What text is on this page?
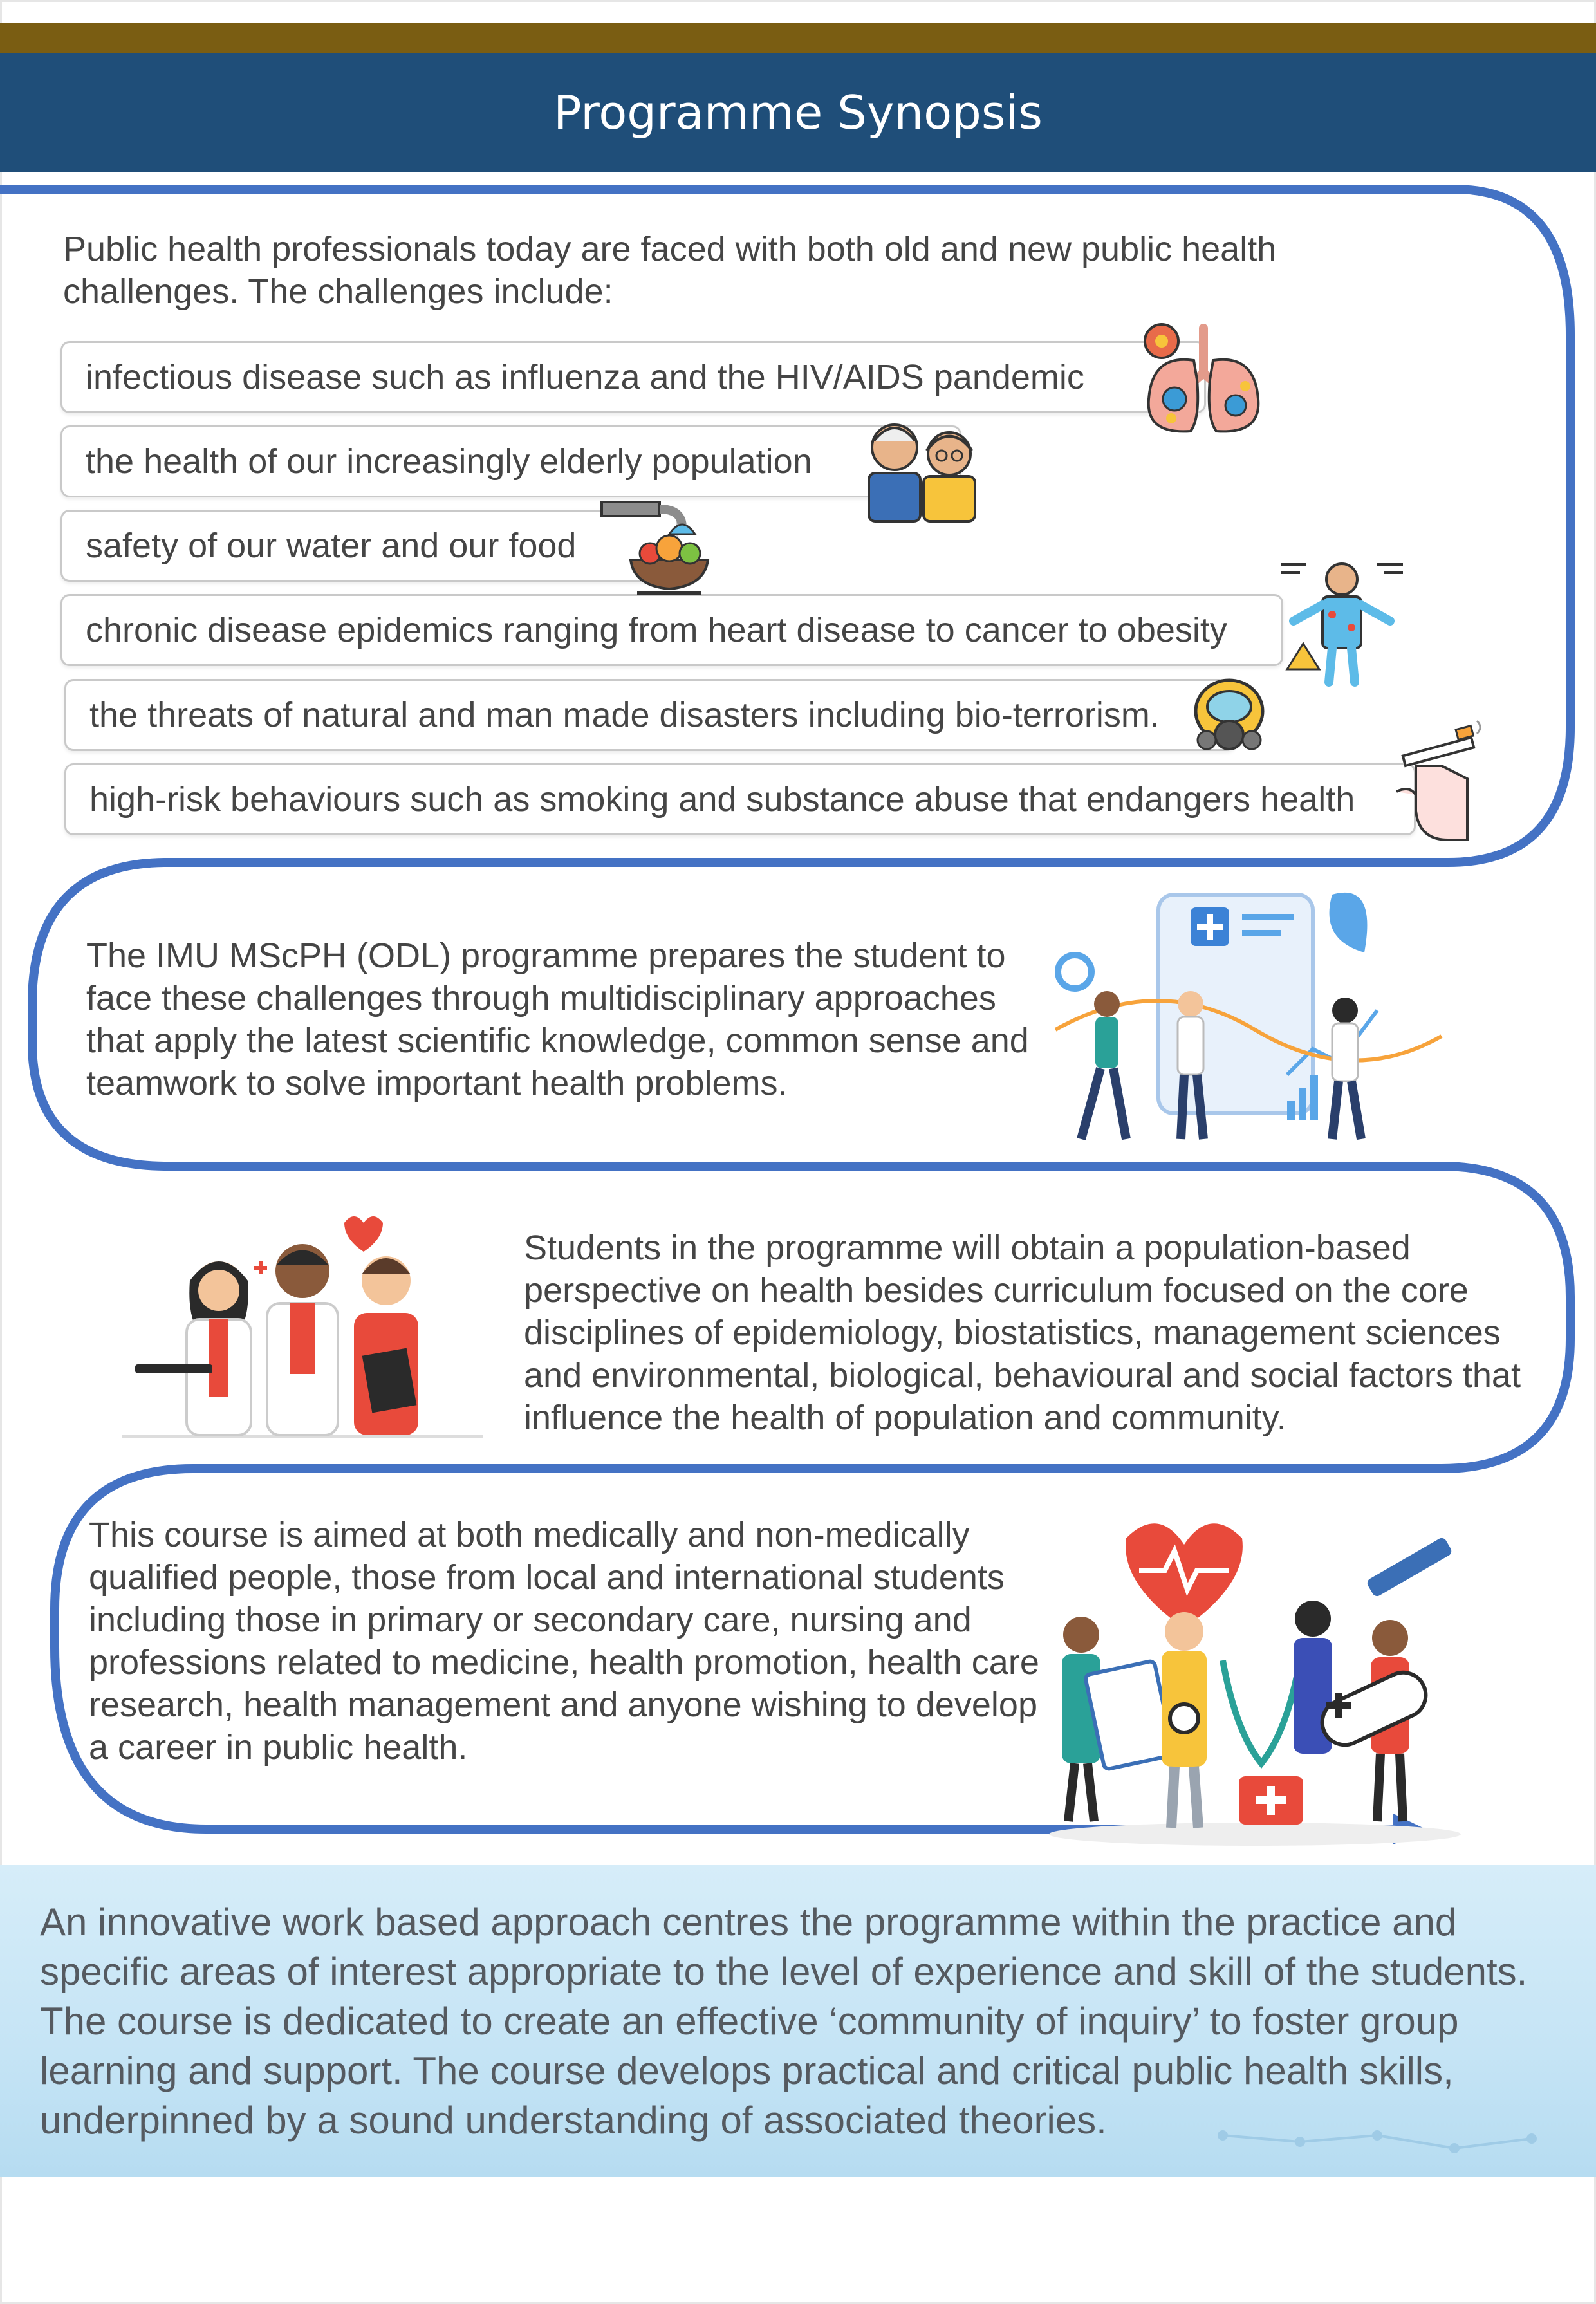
Programme Synopsis
Public health professionals today are faced with both old and new public health challenges. The challenges include:
infectious disease such as influenza and the HIV/AIDS pandemic
the health of our increasingly elderly population
safety of our water and our food
chronic disease epidemics ranging from heart disease to cancer to obesity
the threats of natural and man made disasters including bio-terrorism.
high-risk behaviours such as smoking and substance abuse that endangers health
The IMU MScPH (ODL) programme prepares the student to face these challenges through multidisciplinary approaches that apply the latest scientific knowledge, common sense and teamwork to solve important health problems.
Students in the programme will obtain a population-based perspective on health besides curriculum focused on the core disciplines of epidemiology, biostatistics, management sciences and environmental, biological, behavioural and social factors that influence the health of population and community.
This course is aimed at both medically and non-medically qualified people, those from local and international students including those in primary or secondary care, nursing and professions related to medicine, health promotion, health care research, health management and anyone wishing to develop a career in public health.
An innovative work based approach centres the programme within the practice and specific areas of interest appropriate to the level of experience and skill of the students. The course is dedicated to create an effective ‘community of inquiry’ to foster group learning and support. The course develops practical and critical public health skills, underpinned by a sound understanding of associated theories.
